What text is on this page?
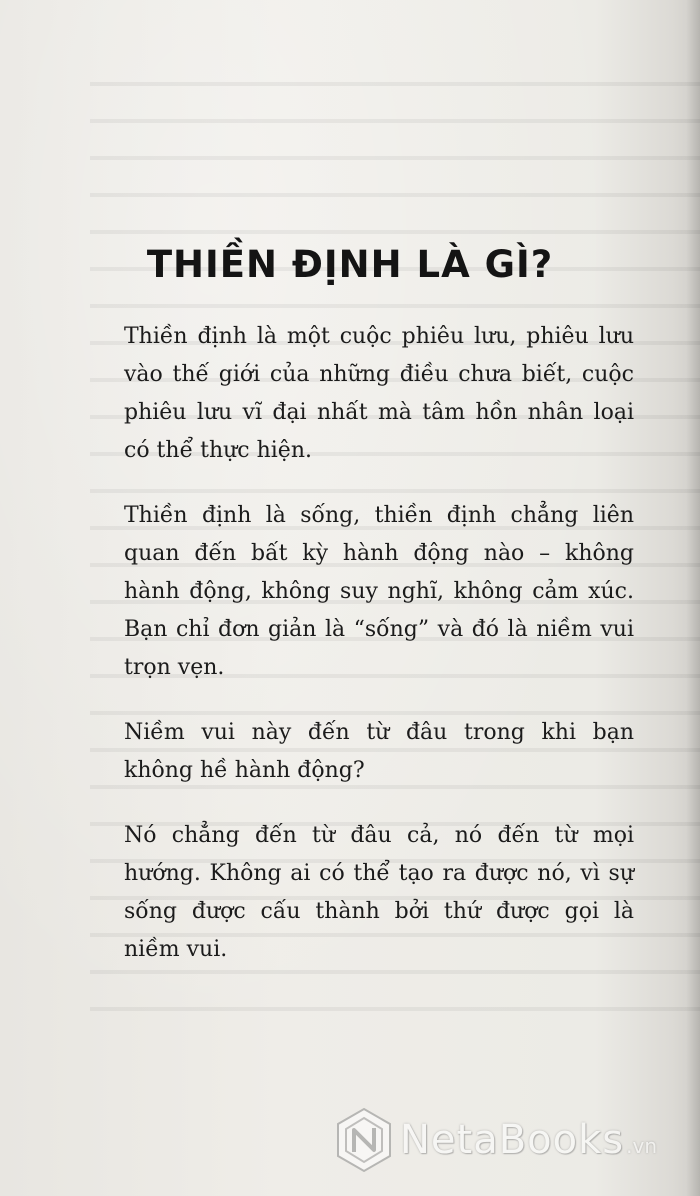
THIỀN ĐỊNH LÀ GÌ?

Thiền định là một cuộc phiêu lưu, phiêu lưu
vào thế giới của những điều chưa biết, cuộc
phiêu lưu vĩ đại nhất mà tâm hồn nhân loại
có thể thực hiện.

Thiền định là sống, thiền định chẳng liên
quan đến bất kỳ hành động nào – không
hành động, không suy nghĩ, không cảm xúc.
Bạn chỉ đơn giản là “sống” và đó là niềm vui
trọn vẹn.

Niềm vui này đến từ đâu trong khi bạn
không hề hành động?

Nó chẳng đến từ đâu cả, nó đến từ mọi
hướng. Không ai có thể tạo ra được nó, vì sự
sống được cấu thành bởi thứ được gọi là
niềm vui.

NetaBooks .vn
